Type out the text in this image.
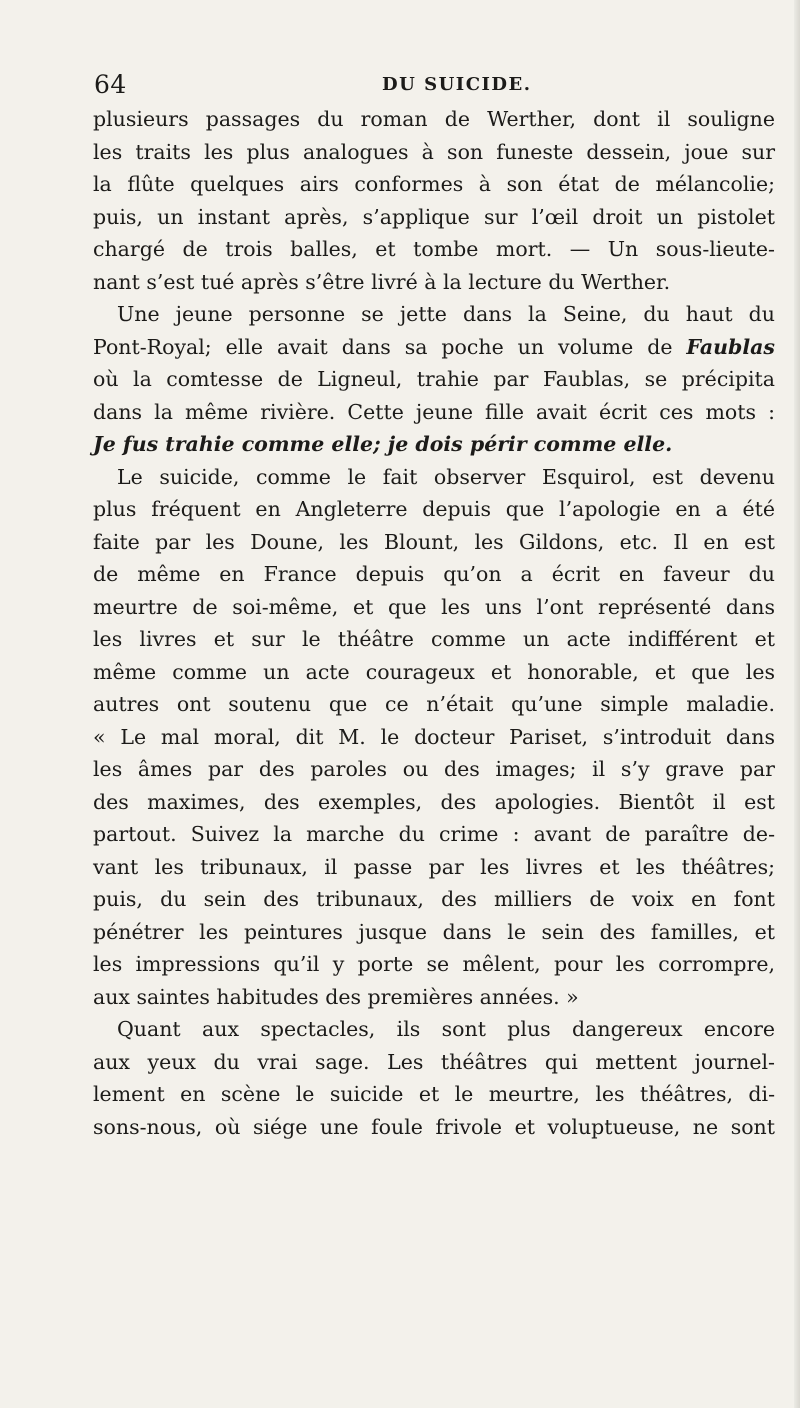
64	DU SUICIDE.
plusieurs passages du roman de Werther, dont il souligne
les traits les plus analogues à son funeste dessein, joue sur
la flûte quelques airs conformes à son état de mélancolie;
puis, un instant après, s’applique sur l’œil droit un pistolet
chargé de trois balles, et tombe mort. — Un sous-lieute-
nant s’est tué après s’être livré à la lecture du Werther.
Une jeune personne se jette dans la Seine, du haut du
Pont-Royal; elle avait dans sa poche un volume de Faublas
où la comtesse de Ligneul, trahie par Faublas, se précipita
dans la même rivière. Cette jeune fille avait écrit ces mots :
Je fus trahie comme elle; je dois périr comme elle.
Le suicide, comme le fait observer Esquirol, est devenu
plus fréquent en Angleterre depuis que l’apologie en a été
faite par les Doune, les Blount, les Gildons, etc. Il en est
de même en France depuis qu’on a écrit en faveur du
meurtre de soi-même, et que les uns l’ont représenté dans
les livres et sur le théâtre comme un acte indifférent et
même comme un acte courageux et honorable, et que les
autres ont soutenu que ce n’était qu’une simple maladie.
« Le mal moral, dit M. le docteur Pariset, s’introduit dans
les âmes par des paroles ou des images; il s’y grave par
des maximes, des exemples, des apologies. Bientôt il est
partout. Suivez la marche du crime : avant de paraître de-
vant les tribunaux, il passe par les livres et les théâtres;
puis, du sein des tribunaux, des milliers de voix en font
pénétrer les peintures jusque dans le sein des familles, et
les impressions qu’il y porte se mêlent, pour les corrompre,
aux saintes habitudes des premières années. »
Quant aux spectacles, ils sont plus dangereux encore
aux yeux du vrai sage. Les théâtres qui mettent journel-
lement en scène le suicide et le meurtre, les théâtres, di-
sons-nous, où siége une foule frivole et voluptueuse, ne sont
